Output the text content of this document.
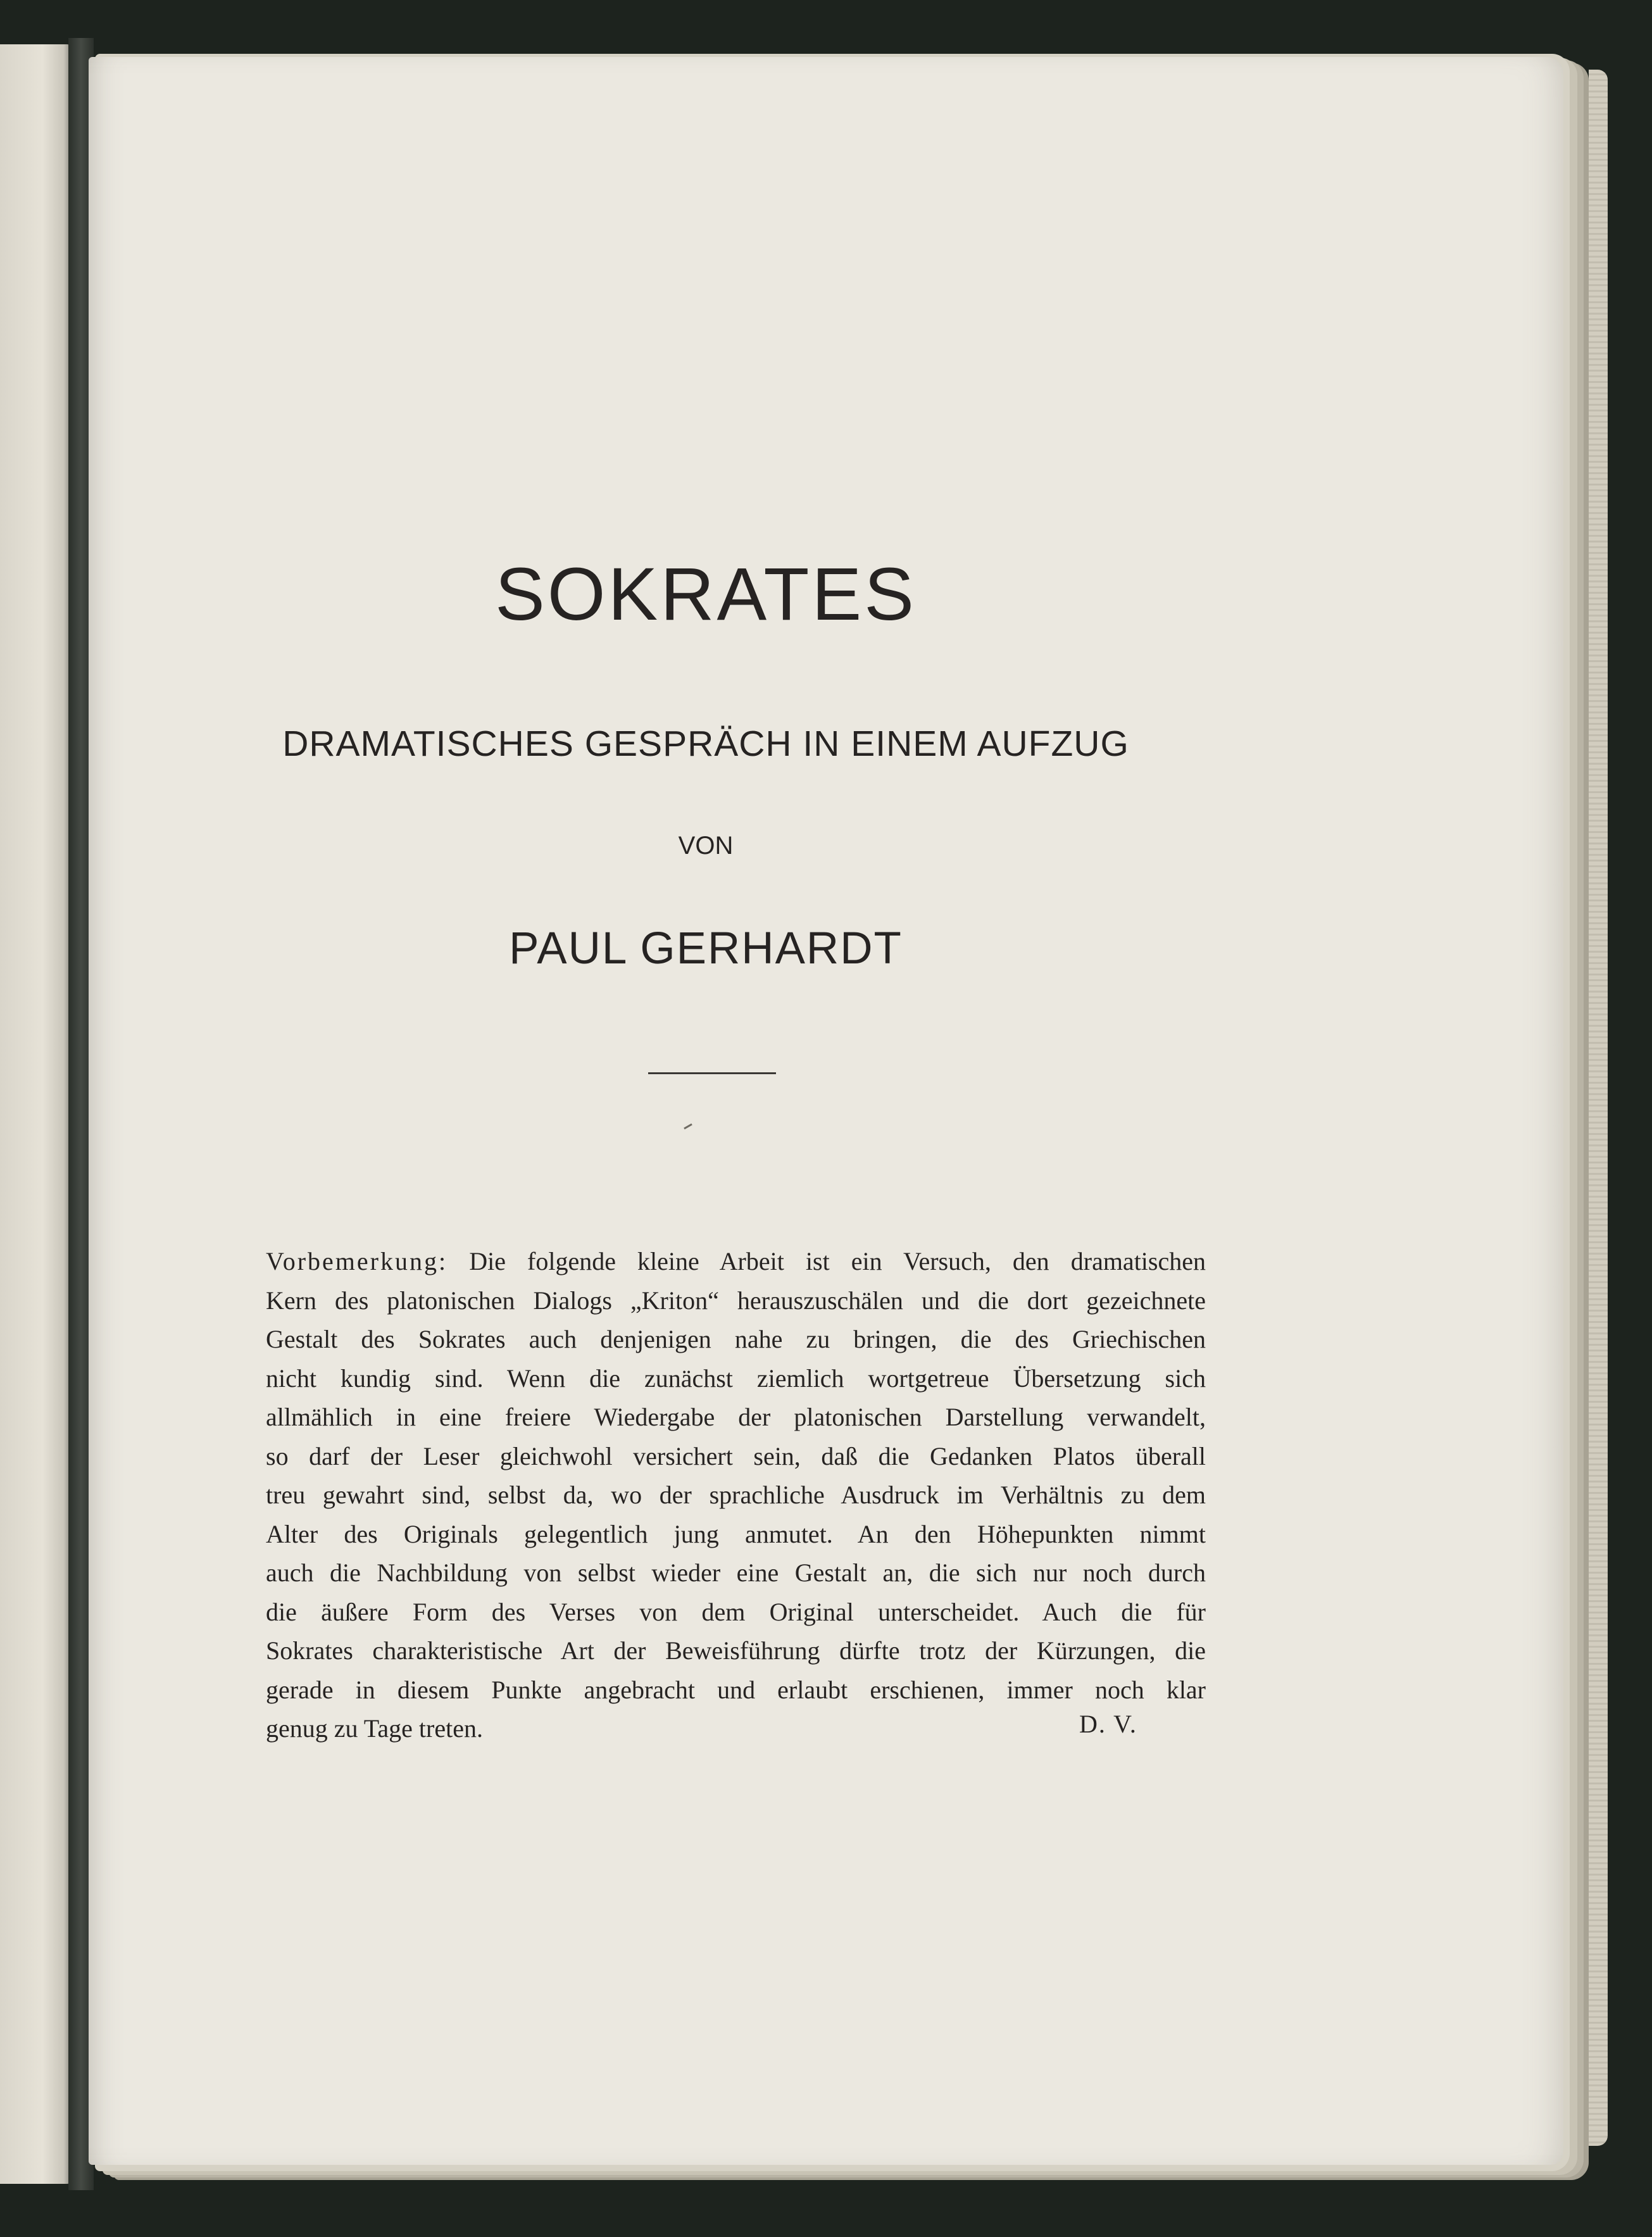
SOKRATES
DRAMATISCHES GESPRÄCH IN EINEM AUFZUG
VON
PAUL GERHARDT
Vorbemerkung: Die folgende kleine Arbeit ist ein Versuch, den dramatischen
Kern des platonischen Dialogs „Kriton“ herauszuschälen und die dort gezeichnete
Gestalt des Sokrates auch denjenigen nahe zu bringen, die des Griechischen
nicht kundig sind. Wenn die zunächst ziemlich wortgetreue Übersetzung sich
allmählich in eine freiere Wiedergabe der platonischen Darstellung verwandelt,
so darf der Leser gleichwohl versichert sein, daß die Gedanken Platos überall
treu gewahrt sind, selbst da, wo der sprachliche Ausdruck im Verhältnis zu dem
Alter des Originals gelegentlich jung anmutet. An den Höhepunkten nimmt
auch die Nachbildung von selbst wieder eine Gestalt an, die sich nur noch durch
die äußere Form des Verses von dem Original unterscheidet. Auch die für
Sokrates charakteristische Art der Beweisführung dürfte trotz der Kürzungen, die
gerade in diesem Punkte angebracht und erlaubt erschienen, immer noch klar
genug zu Tage treten.	D. V.
